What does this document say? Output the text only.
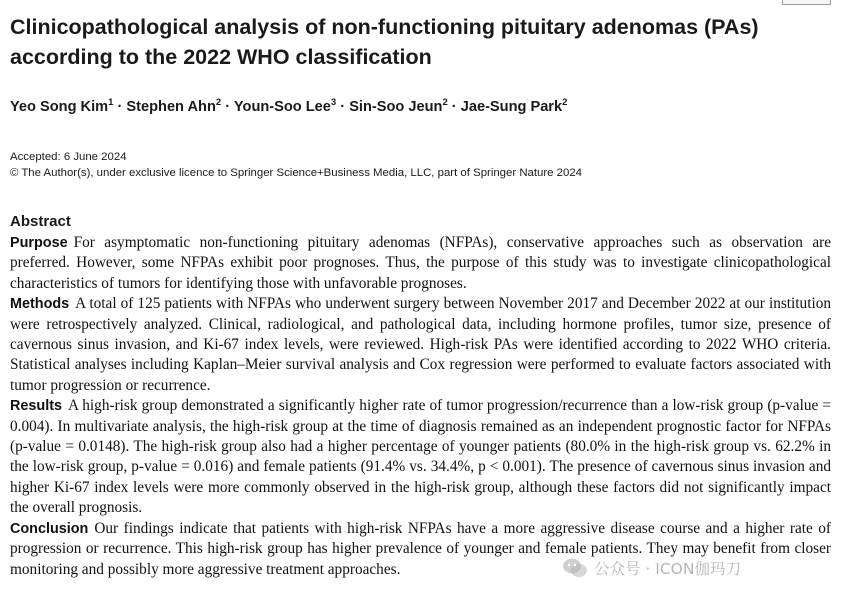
Clinicopathological analysis of non-functioning pituitary adenomas (PAs) according to the 2022 WHO classification
Yeo Song Kim$^1$ · Stephen Ahn$^2$ · Youn-Soo Lee$^3$ · Sin-Soo Jeun$^2$ · Jae-Sung Park$^2$
Accepted: 6 June 2024
© The Author(s), under exclusive licence to Springer Science+Business Media, LLC, part of Springer Nature 2024
Abstract

Purpose For asymptomatic non-functioning pituitary adenomas (NFPAs), conservative approaches such as observation are preferred. However, some NFPAs exhibit poor prognoses. Thus, the purpose of this study was to investigate clinicopathological characteristics of tumors for identifying those with unfavorable prognoses.

Methods A total of 125 patients with NFPAs who underwent surgery between November 2017 and December 2022 at our institution were retrospectively analyzed. Clinical, radiological, and pathological data, including hormone profiles, tumor size, presence of cavernous sinus invasion, and Ki-67 index levels, were reviewed. High-risk PAs were identified according to 2022 WHO criteria. Statistical analyses including Kaplan–Meier survival analysis and Cox regression were performed to evaluate factors associated with tumor progression or recurrence.

Results A high-risk group demonstrated a significantly higher rate of tumor progression/recurrence than a low-risk group (p-value = 0.004). In multivariate analysis, the high-risk group at the time of diagnosis remained as an independent prognostic factor for NFPAs (p-value = 0.0148). The high-risk group also had a higher percentage of younger patients (80.0% in the high-risk group vs. 62.2% in the low-risk group, p-value = 0.016) and female patients (91.4% vs. 34.4%, p < 0.001). The presence of cavernous sinus invasion and higher Ki-67 index levels were more commonly observed in the high-risk group, although these factors did not significantly impact the overall prognosis.

Conclusion Our findings indicate that patients with high-risk NFPAs have a more aggressive disease course and a higher rate of progression or recurrence. This high-risk group has higher prevalence of younger and female patients. They may benefit from closer monitoring and possibly more aggressive treatment approaches.	公众号 · ICON伽玛刀
